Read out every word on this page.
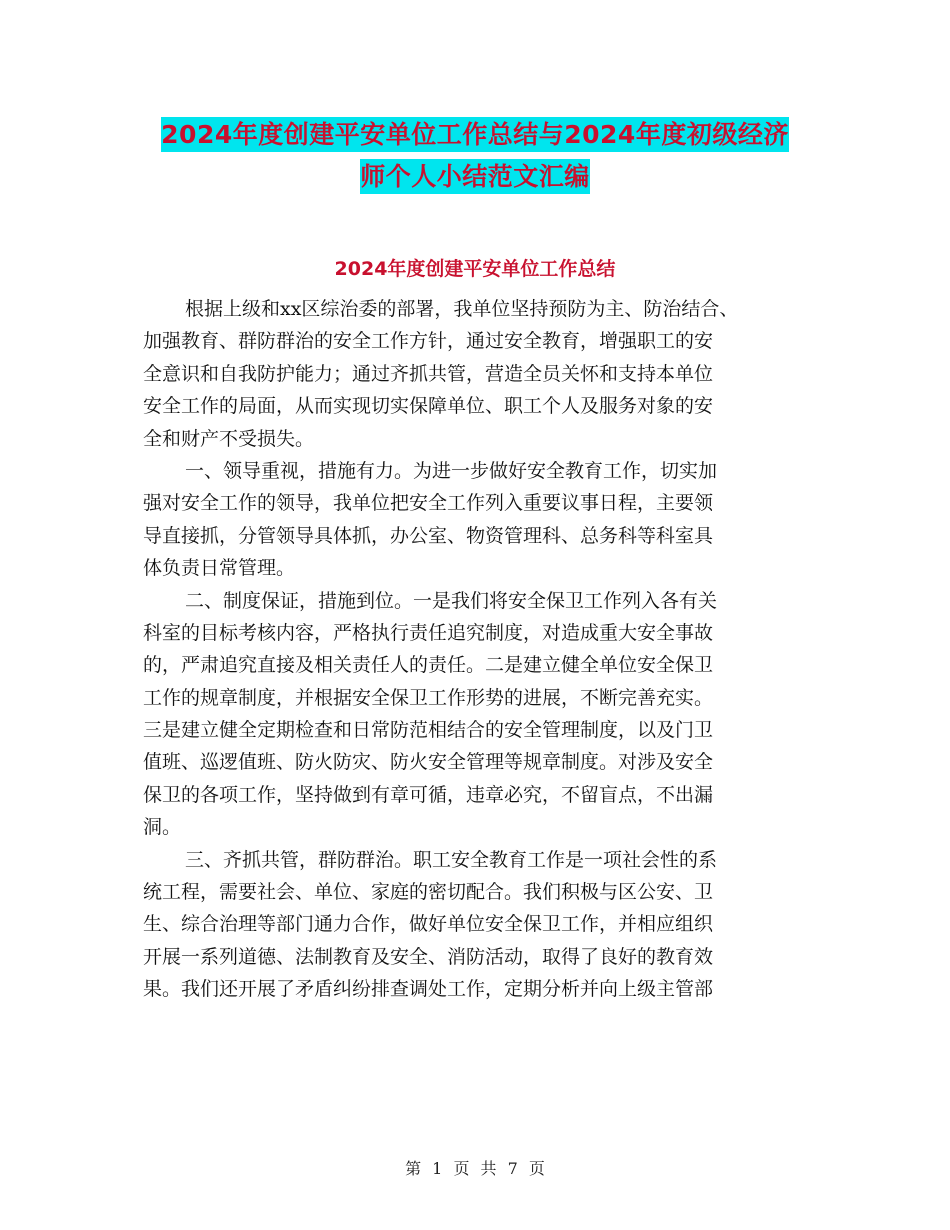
2024年度创建平安单位工作总结与2024年度初级经济
师个人小结范文汇编
2024年度创建平安单位工作总结
根据上级和xx区综治委的部署，我单位坚持预防为主、防治结合、
加强教育、群防群治的安全工作方针，通过安全教育，增强职工的安
全意识和自我防护能力；通过齐抓共管，营造全员关怀和支持本单位
安全工作的局面，从而实现切实保障单位、职工个人及服务对象的安
全和财产不受损失。
一、领导重视，措施有力。为进一步做好安全教育工作，切实加
强对安全工作的领导，我单位把安全工作列入重要议事日程，主要领
导直接抓，分管领导具体抓，办公室、物资管理科、总务科等科室具
体负责日常管理。
二、制度保证，措施到位。一是我们将安全保卫工作列入各有关
科室的目标考核内容，严格执行责任追究制度，对造成重大安全事故
的，严肃追究直接及相关责任人的责任。二是建立健全单位安全保卫
工作的规章制度，并根据安全保卫工作形势的进展，不断完善充实。
三是建立健全定期检查和日常防范相结合的安全管理制度，以及门卫
值班、巡逻值班、防火防灾、防火安全管理等规章制度。对涉及安全
保卫的各项工作，坚持做到有章可循，违章必究，不留盲点，不出漏
洞。
三、齐抓共管，群防群治。职工安全教育工作是一项社会性的系
统工程，需要社会、单位、家庭的密切配合。我们积极与区公安、卫
生、综合治理等部门通力合作，做好单位安全保卫工作，并相应组织
开展一系列道德、法制教育及安全、消防活动，取得了良好的教育效
果。我们还开展了矛盾纠纷排查调处工作，定期分析并向上级主管部
第 1 页 共 7 页
